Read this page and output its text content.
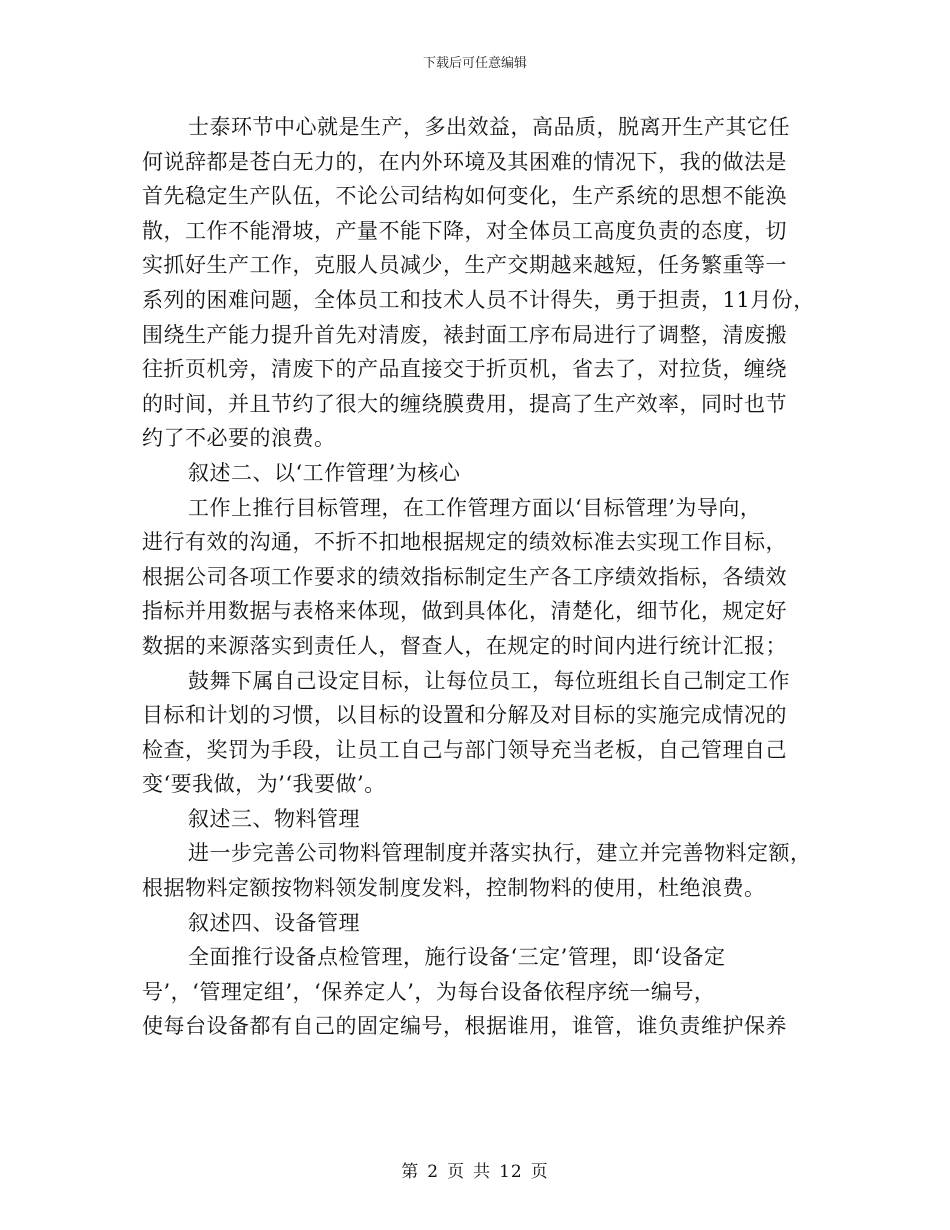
下载后可任意编辑
士泰环节中心就是生产，多出效益，高品质，脱离开生产其它任
何说辞都是苍白无力的，在内外环境及其困难的情况下，我的做法是
首先稳定生产队伍，不论公司结构如何变化，生产系统的思想不能涣
散，工作不能滑坡，产量不能下降，对全体员工高度负责的态度，切
实抓好生产工作，克服人员减少，生产交期越来越短，任务繁重等一
系列的困难问题，全体员工和技术人员不计得失，勇于担责，11月份，
围绕生产能力提升首先对清废，裱封面工序布局进行了调整，清废搬
往折页机旁，清废下的产品直接交于折页机，省去了，对拉货，缠绕
的时间，并且节约了很大的缠绕膜费用，提高了生产效率，同时也节
约了不必要的浪费。
叙述二、以‘工作管理’为核心
工作上推行目标管理，在工作管理方面以‘目标管理’为导向，
进行有效的沟通，不折不扣地根据规定的绩效标准去实现工作目标，
根据公司各项工作要求的绩效指标制定生产各工序绩效指标，各绩效
指标并用数据与表格来体现，做到具体化，清楚化，细节化，规定好
数据的来源落实到责任人，督查人，在规定的时间内进行统计汇报；
鼓舞下属自己设定目标，让每位员工，每位班组长自己制定工作
目标和计划的习惯，以目标的设置和分解及对目标的实施完成情况的
检查，奖罚为手段，让员工自己与部门领导充当老板，自己管理自己
变‘要我做，为’‘我要做’。
叙述三、物料管理
进一步完善公司物料管理制度并落实执行，建立并完善物料定额，
根据物料定额按物料领发制度发料，控制物料的使用，杜绝浪费。
叙述四、设备管理
全面推行设备点检管理，施行设备‘三定’管理，即‘设备定
号’，‘管理定组’，‘保养定人’，为每台设备依程序统一编号，
使每台设备都有自己的固定编号，根据谁用，谁管，谁负责维护保养
第 2 页 共 12 页
